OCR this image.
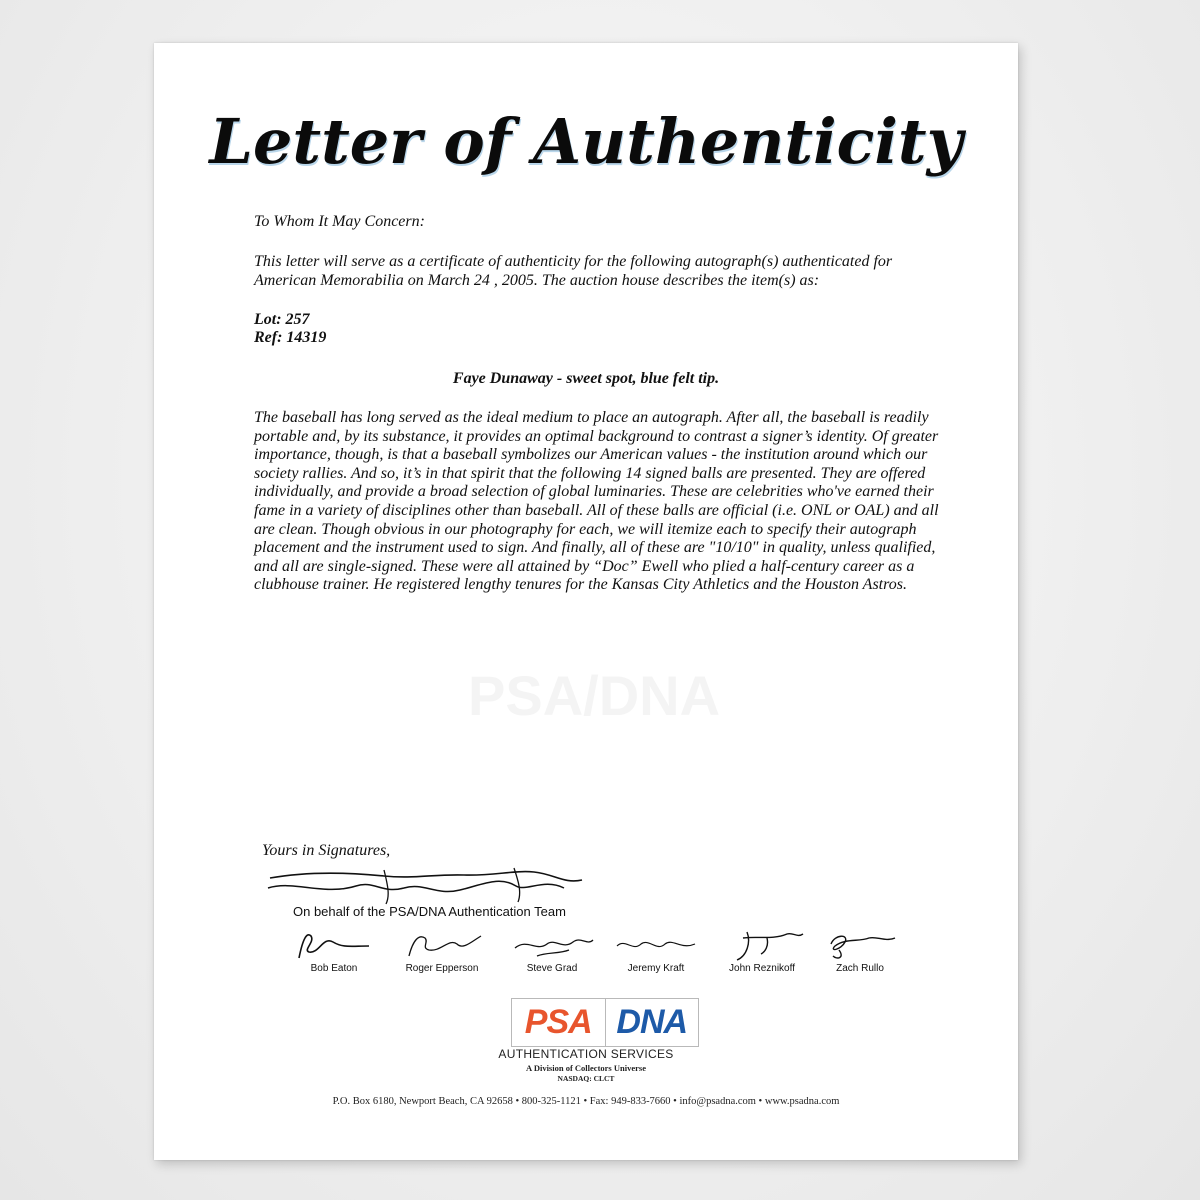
Letter of Authenticity
To Whom It May Concern:
This letter will serve as a certificate of authenticity for the following autograph(s) authenticated for American Memorabilia on March 24 , 2005. The auction house describes the item(s) as:
Lot: 257
Ref: 14319
Faye Dunaway - sweet spot, blue felt tip.
The baseball has long served as the ideal medium to place an autograph. After all, the baseball is readily portable and, by its substance, it provides an optimal background to contrast a signer’s identity. Of greater importance, though, is that a baseball symbolizes our American values - the institution around which our society rallies. And so, it’s in that spirit that the following 14 signed balls are presented. They are offered individually, and provide a broad selection of global luminaries. These are celebrities who've earned their fame in a variety of disciplines other than baseball. All of these balls are official (i.e. ONL or OAL) and all are clean. Though obvious in our photography for each, we will itemize each to specify their autograph placement and the instrument used to sign. And finally, all of these are "10/10" in quality, unless qualified, and all are single-signed. These were all attained by “Doc” Ewell who plied a half-century career as a clubhouse trainer. He registered lengthy tenures for the Kansas City Athletics and the Houston Astros.
PSA/DNA
Yours in Signatures,
On behalf of the PSA/DNA Authentication Team
Bob Eaton	Roger Epperson	Steve Grad	Jeremy Kraft	John Reznikoff	Zach Rullo
PSA DNA
AUTHENTICATION SERVICES
A Division of Collectors Universe
NASDAQ: CLCT
P.O. Box 6180, Newport Beach, CA 92658 • 800-325-1121 • Fax: 949-833-7660 • info@psadna.com • www.psadna.com
